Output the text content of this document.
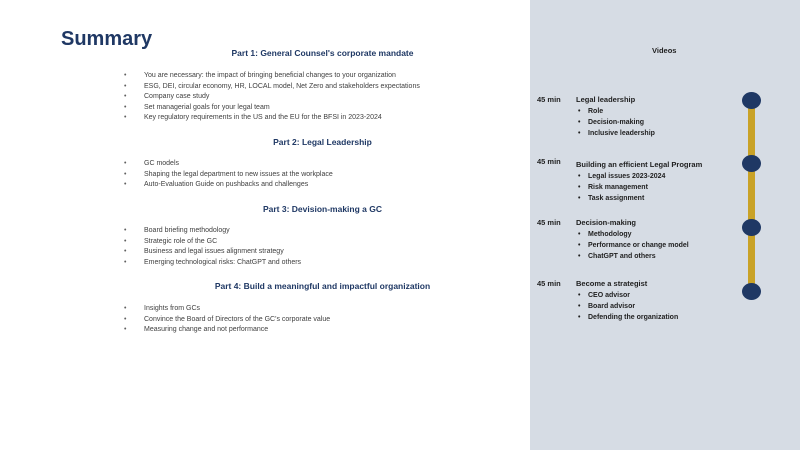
Summary

Part 1: General Counsel's corporate mandate

• You are necessary: the impact of bringing beneficial changes to your organization
• ESG, DEI, circular economy, HR, LOCAL model, Net Zero and stakeholders expectations
• Company case study
• Set managerial goals for your legal team
• Key regulatory requirements in the US and the EU for the BFSI in 2023-2024

Part 2: Legal Leadership

• GC models
• Shaping the legal department to new issues at the workplace
• Auto-Evaluation Guide on pushbacks and challenges

Part 3: Devision-making a GC

• Board briefing methodology
• Strategic role of the GC
• Business and legal issues alignment strategy
• Emerging technological risks: ChatGPT and others

Part 4: Build a meaningful and impactful organization

• Insights from GCs
• Convince the Board of Directors of the GC's corporate value
• Measuring change and not performance
Videos
45 min Legal leadership
• Role
• Decision-making
• Inclusive leadership
45 min Building an efficient Legal Program
• Legal issues 2023-2024
• Risk management
• Task assignment
45 min Decision-making
• Methodology
• Performance or change model
• ChatGPT and others
45 min Become a strategist
• CEO advisor
• Board advisor
• Defending the organization
